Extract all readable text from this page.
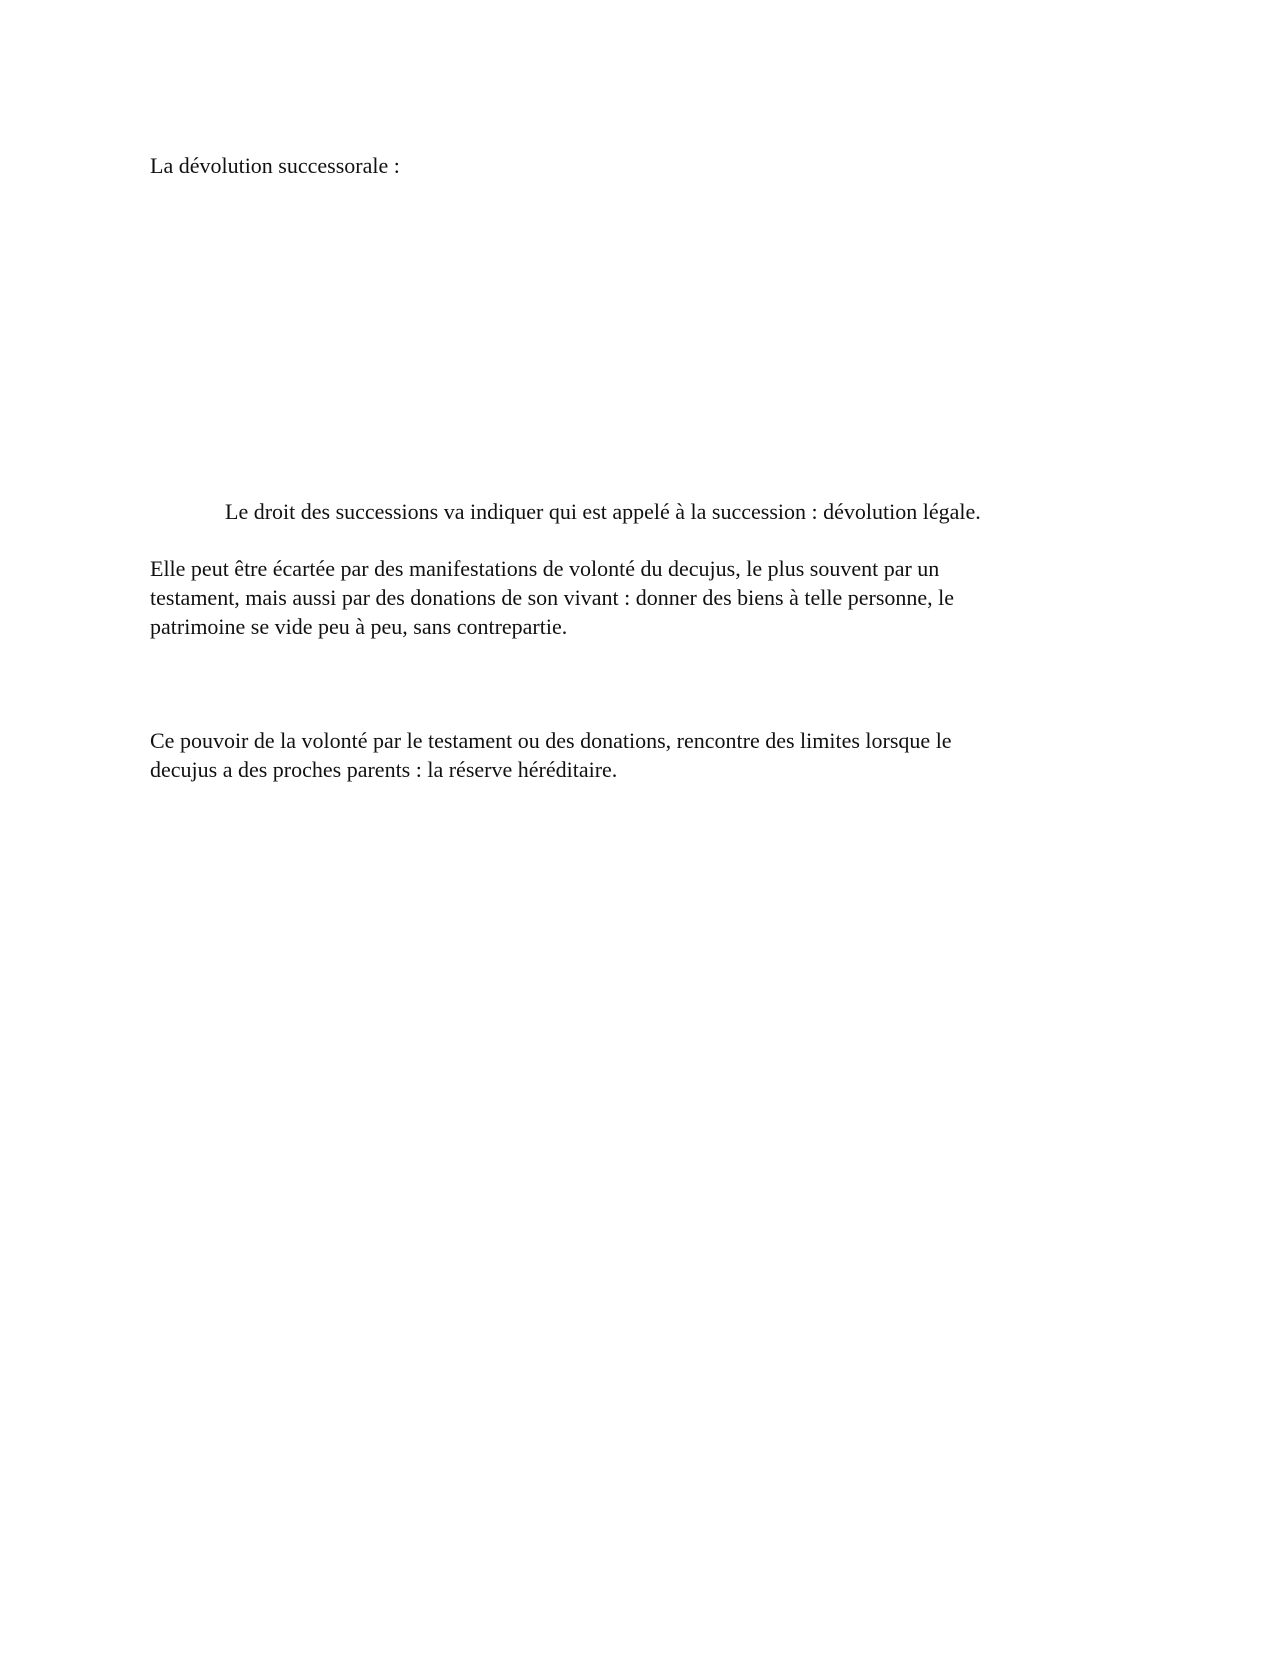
La dévolution successorale :

Le droit des successions va indiquer qui est appelé à la succession : dévolution légale.

Elle peut être écartée par des manifestations de volonté du decujus, le plus souvent par un
testament, mais aussi par des donations de son vivant : donner des biens à telle personne, le
patrimoine se vide peu à peu, sans contrepartie.

Ce pouvoir de la volonté par le testament ou des donations, rencontre des limites lorsque le
decujus a des proches parents : la réserve héréditaire.
